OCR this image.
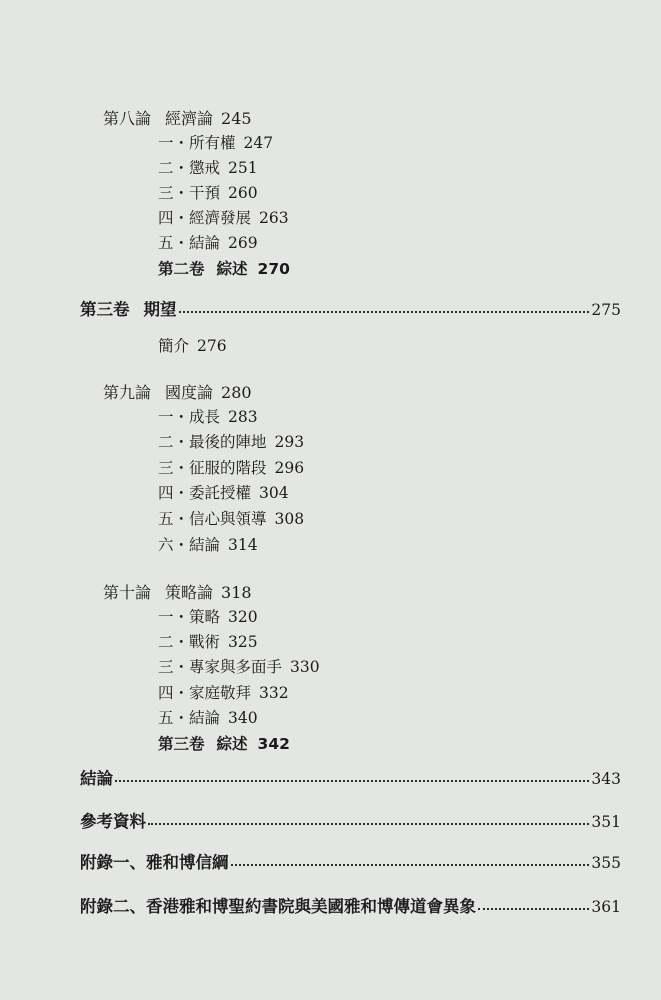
第八論 經濟論 245
一・所有權 247
二・懲戒 251
三・干預 260
四・經濟發展 263
五・結論 269
第二卷 綜述 270
第三卷 期望	275
簡介 276
第九論 國度論 280
一・成長 283
二・最後的陣地 293
三・征服的階段 296
四・委託授權 304
五・信心與領導 308
六・結論 314
第十論 策略論 318
一・策略 320
二・戰術 325
三・專家與多面手 330
四・家庭敬拜 332
五・結論 340
第三卷 綜述 342
結論	343
參考資料	351
附錄一、雅和博信綱	355
附錄二、香港雅和博聖約書院與美國雅和博傳道會異象	361
